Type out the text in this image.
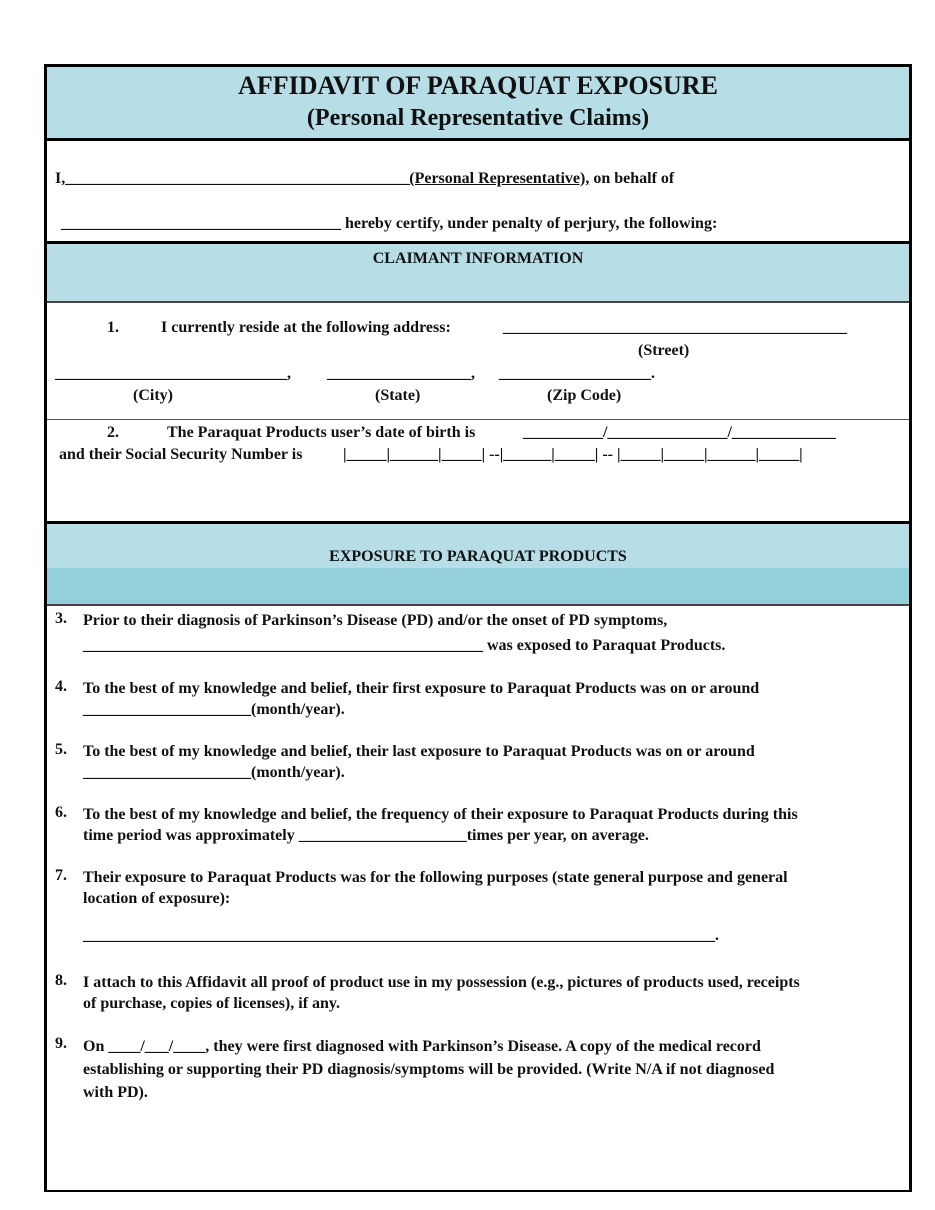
AFFIDAVIT OF PARAQUAT EXPOSURE
(Personal Representative Claims)
I,___________________________________________(Personal Representative), on behalf of
___________________________________ hereby certify, under penalty of perjury, the following:
CLAIMANT INFORMATION
1.	I currently reside at the following address:	___________________________________________
(Street)
_____________________________, __________________, ___________________.
(City)	(State)	(Zip Code)
2.	The Paraquat Products user’s date of birth is	__________/_______________/_____________
and their Social Security Number is	|_____|______|_____| --|______|_____| -- |_____|_____|______|_____|
EXPOSURE TO PARAQUAT PRODUCTS
3. Prior to their diagnosis of Parkinson’s Disease (PD) and/or the onset of PD symptoms,
__________________________________________________ was exposed to Paraquat Products.
4. To the best of my knowledge and belief, their first exposure to Paraquat Products was on or around
_____________________(month/year).
5. To the best of my knowledge and belief, their last exposure to Paraquat Products was on or around
_____________________(month/year).
6. To the best of my knowledge and belief, the frequency of their exposure to Paraquat Products during this
time period was approximately _____________________times per year, on average.
7. Their exposure to Paraquat Products was for the following purposes (state general purpose and general
location of exposure):
_______________________________________________________________________________.
8. I attach to this Affidavit all proof of product use in my possession (e.g., pictures of products used, receipts
of purchase, copies of licenses), if any.
9. On ____/___/____, they were first diagnosed with Parkinson’s Disease. A copy of the medical record
establishing or supporting their PD diagnosis/symptoms will be provided. (Write N/A if not diagnosed
with PD).
